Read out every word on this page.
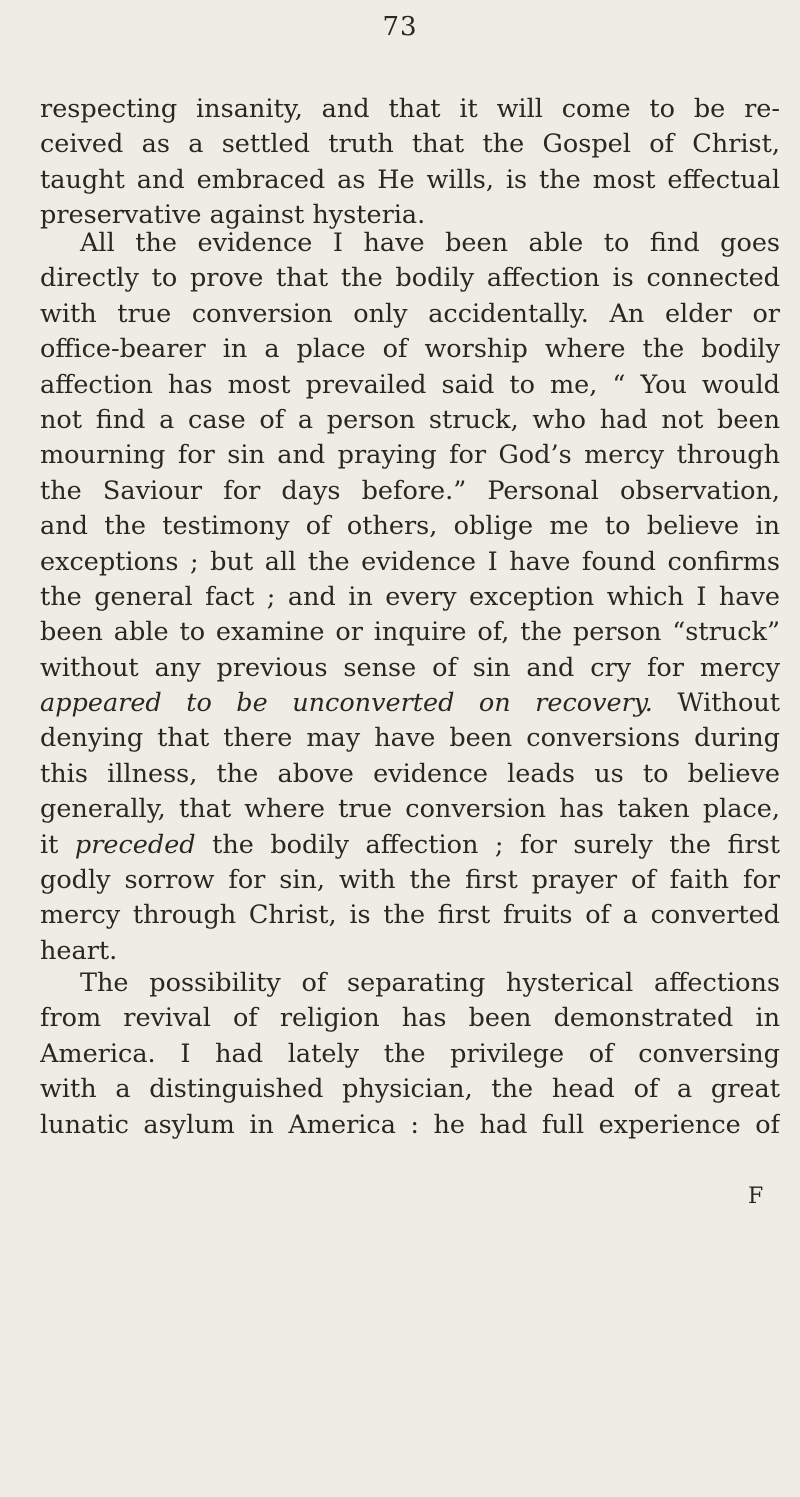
73
respecting insanity, and that it will come to be re-
ceived as a settled truth that the Gospel of Christ,
taught and embraced as He wills, is the most effectual
preservative against hysteria.
All the evidence I have been able to find goes
directly to prove that the bodily affection is connected
with true conversion only accidentally. An elder or
office-bearer in a place of worship where the bodily
affection has most prevailed said to me, “ You would
not find a case of a person struck, who had not been
mourning for sin and praying for God’s mercy through
the Saviour for days before.” Personal observation,
and the testimony of others, oblige me to believe in
exceptions ; but all the evidence I have found confirms
the general fact ; and in every exception which I have
been able to examine or inquire of, the person “struck”
without any previous sense of sin and cry for mercy
appeared to be unconverted on recovery. Without
denying that there may have been conversions during
this illness, the above evidence leads us to believe
generally, that where true conversion has taken place,
it preceded the bodily affection ; for surely the first
godly sorrow for sin, with the first prayer of faith for
mercy through Christ, is the first fruits of a converted
heart.
The possibility of separating hysterical affections
from revival of religion has been demonstrated in
America. I had lately the privilege of conversing
with a distinguished physician, the head of a great
lunatic asylum in America : he had full experience of
F
